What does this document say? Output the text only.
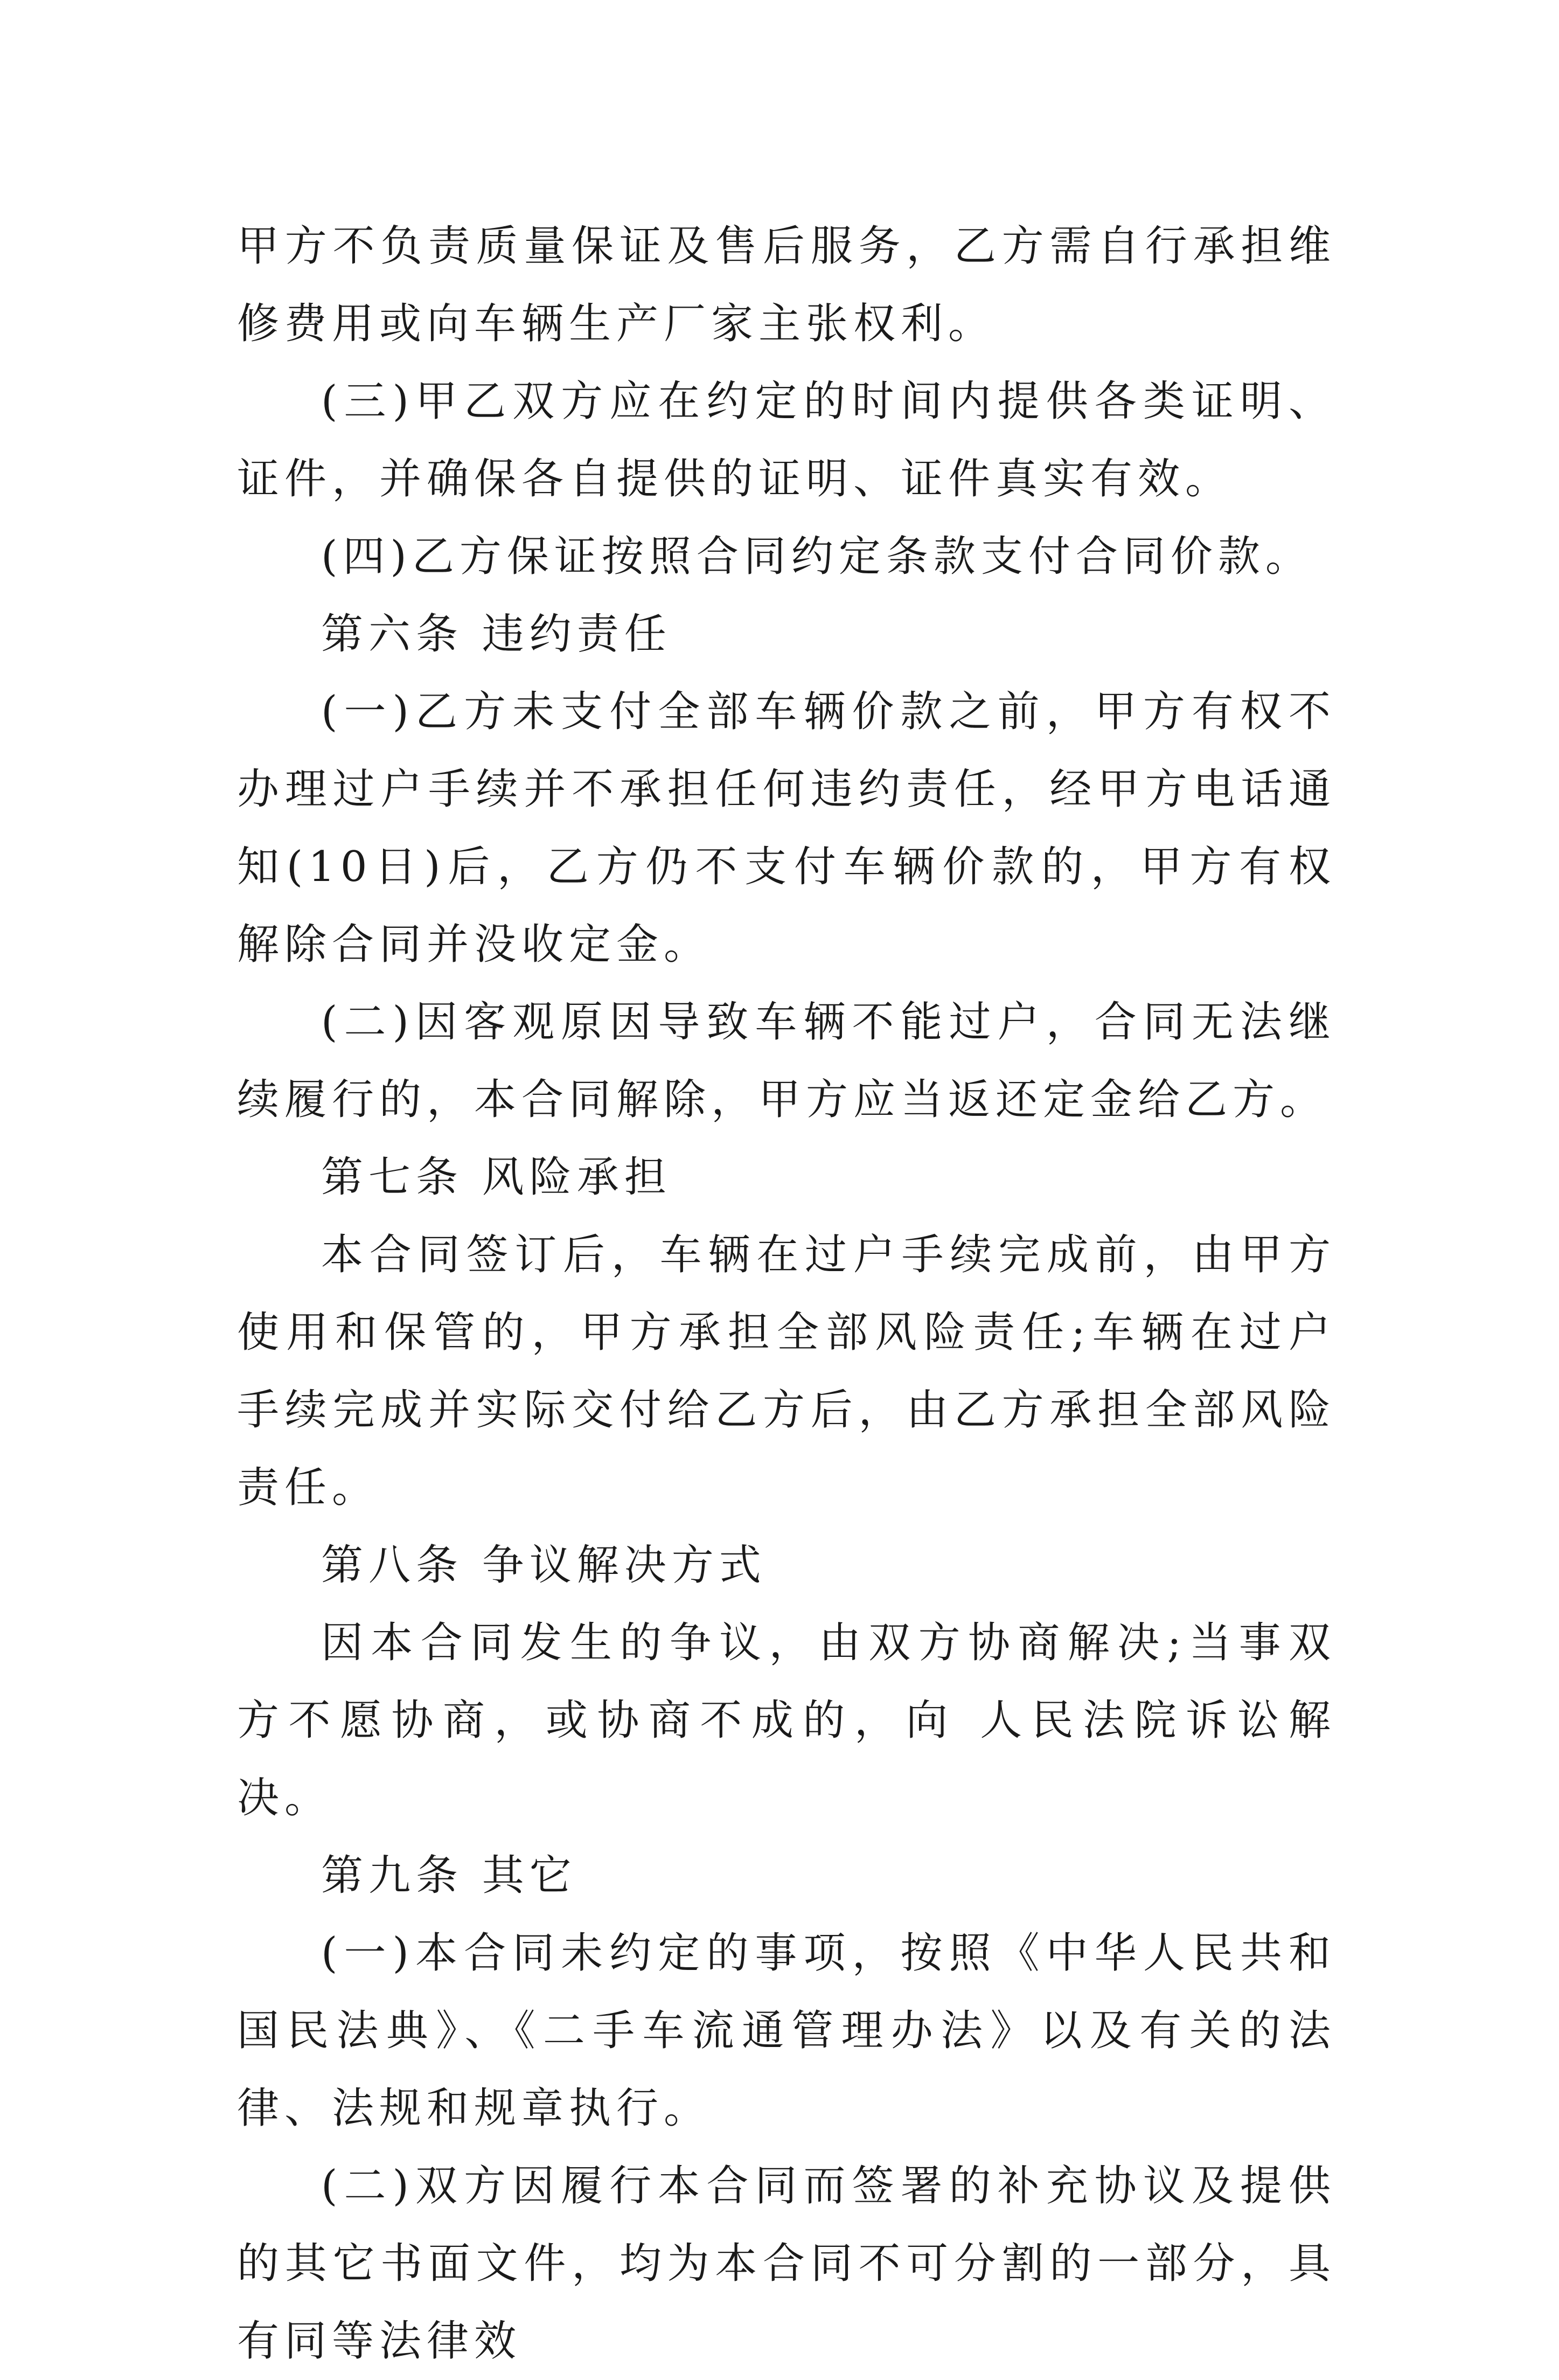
甲方不负责质量保证及售后服务，乙方需自行承担维修费用或向车辆生产厂家主张权利。

(三)甲乙双方应在约定的时间内提供各类证明、证件，并确保各自提供的证明、证件真实有效。

(四)乙方保证按照合同约定条款支付合同价款。

第六条 违约责任

(一)乙方未支付全部车辆价款之前，甲方有权不办理过户手续并不承担任何违约责任，经甲方电话通知(10日)后，乙方仍不支付车辆价款的，甲方有权解除合同并没收定金。

(二)因客观原因导致车辆不能过户，合同无法继续履行的，本合同解除，甲方应当返还定金给乙方。

第七条 风险承担

本合同签订后，车辆在过户手续完成前，由甲方使用和保管的，甲方承担全部风险责任;车辆在过户手续完成并实际交付给乙方后，由乙方承担全部风险责任。

第八条 争议解决方式

因本合同发生的争议，由双方协商解决;当事双方不愿协商，或协商不成的，向 人民法院诉讼解决。

第九条 其它

(一)本合同未约定的事项，按照《中华人民共和国民法典》、《二手车流通管理办法》以及有关的法律、法规和规章执行。

(二)双方因履行本合同而签署的补充协议及提供的其它书面文件，均为本合同不可分割的一部分，具有同等法律效
